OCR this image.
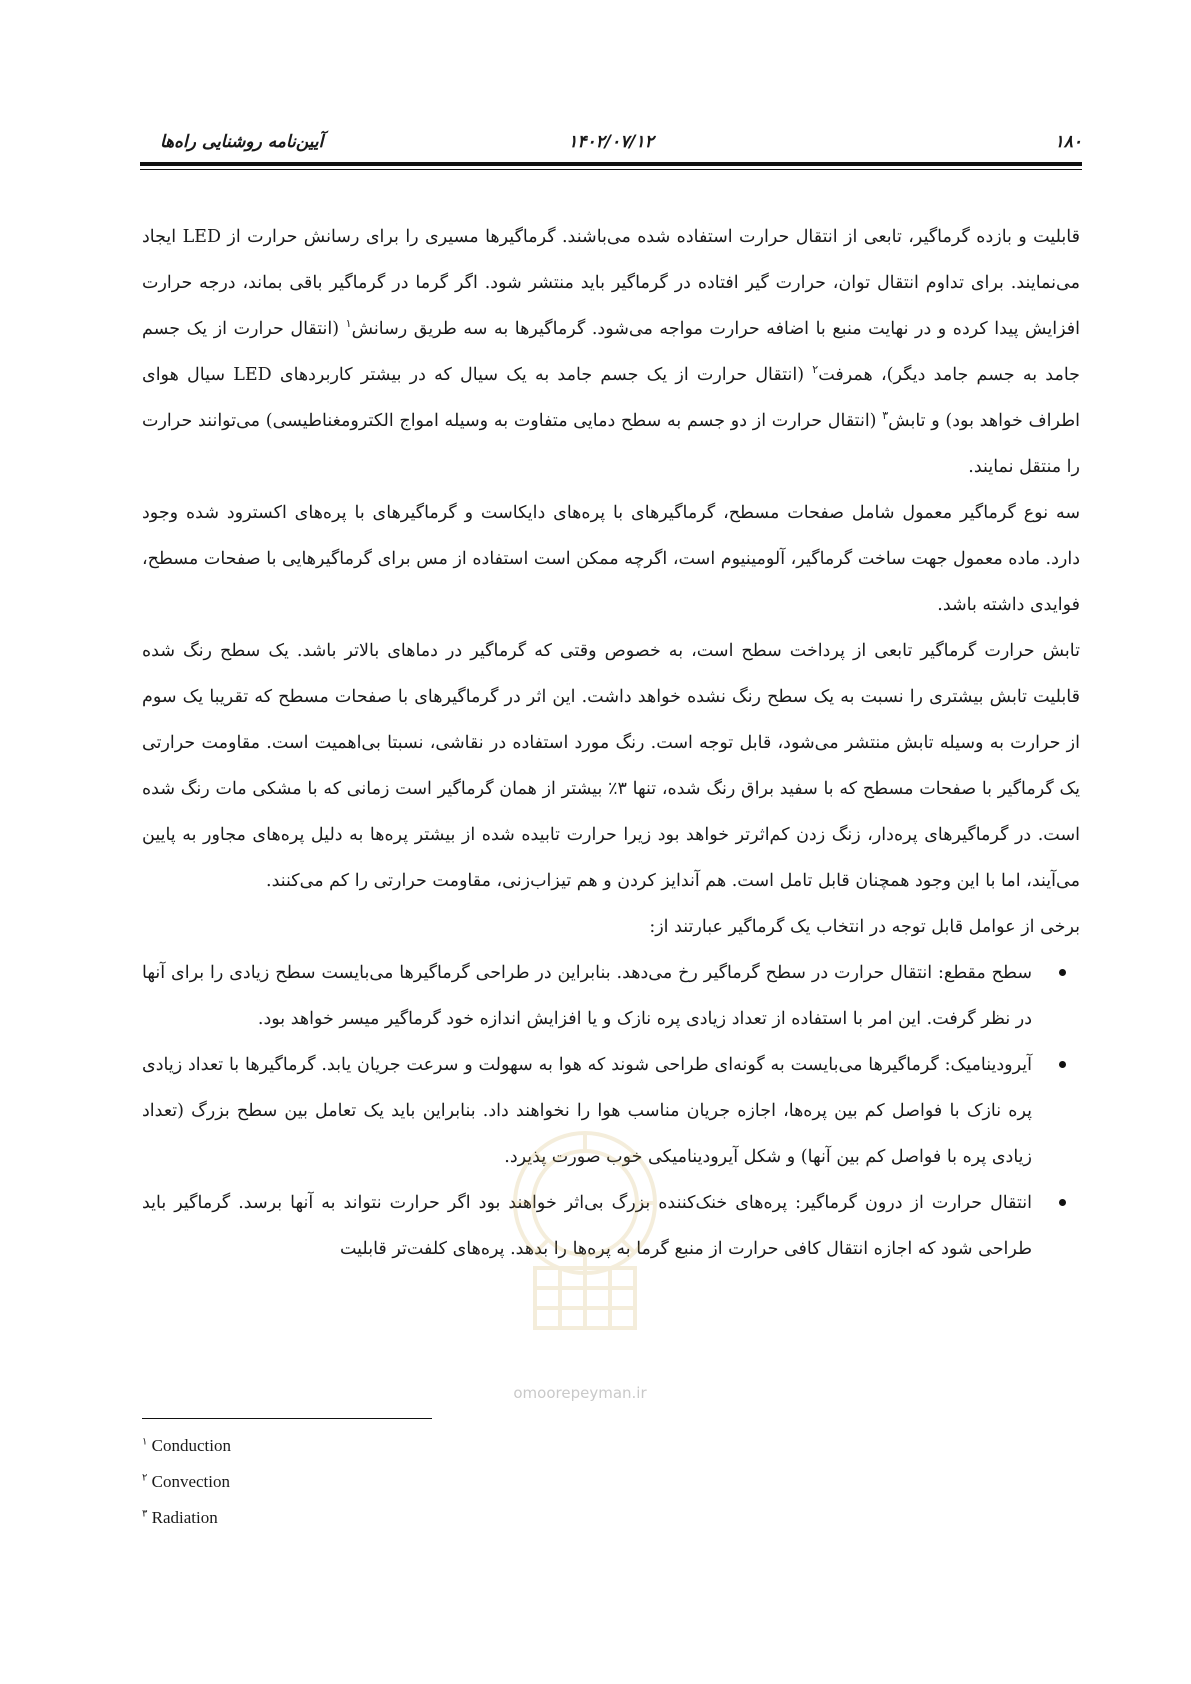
۱۸۰
۱۴۰۲/۰۷/۱۲
آیین‌نامه روشنایی راه‌ها

قابلیت و بازده گرماگیر، تابعی از انتقال حرارت استفاده شده می‌باشند. گرماگیرها مسیری را برای رسانش حرارت از LED ایجاد می‌نمایند. برای تداوم انتقال توان، حرارت گیر افتاده در گرماگیر باید منتشر شود. اگر گرما در گرماگیر باقی بماند، درجه حرارت افزایش پیدا کرده و در نهایت منبع با اضافه حرارت مواجه می‌شود. گرماگیرها به سه طریق رسانش$^۱$ (انتقال حرارت از یک جسم جامد به جسم جامد دیگر)، همرفت$^۲$ (انتقال حرارت از یک جسم جامد به یک سیال که در بیشتر کاربردهای LED سیال هوای اطراف خواهد بود) و تابش$^۳$ (انتقال حرارت از دو جسم به سطح دمایی متفاوت به وسیله امواج الکترومغناطیسی) می‌توانند حرارت را منتقل نمایند.

سه نوع گرماگیر معمول شامل صفحات مسطح، گرماگیرهای با پره‌های دایکاست و گرماگیرهای با پره‌های اکسترود شده وجود دارد. ماده معمول جهت ساخت گرماگیر، آلومینیوم است، اگرچه ممکن است استفاده از مس برای گرماگیرهایی با صفحات مسطح، فوایدی داشته باشد.

تابش حرارت گرماگیر تابعی از پرداخت سطح است، به خصوص وقتی که گرماگیر در دماهای بالاتر باشد. یک سطح رنگ شده قابلیت تابش بیشتری را نسبت به یک سطح رنگ نشده خواهد داشت. این اثر در گرماگیرهای با صفحات مسطح که تقریبا یک سوم از حرارت به وسیله تابش منتشر می‌شود، قابل توجه است. رنگ مورد استفاده در نقاشی، نسبتا بی‌اهمیت است. مقاومت حرارتی یک گرماگیر با صفحات مسطح که با سفید براق رنگ شده، تنها ۳٪ بیشتر از همان گرماگیر است زمانی که با مشکی مات رنگ شده است. در گرماگیرهای پره‌دار، زنگ زدن کم‌اثرتر خواهد بود زیرا حرارت تابیده شده از بیشتر پره‌ها به دلیل پره‌های مجاور به پایین می‌آیند، اما با این وجود همچنان قابل تامل است. هم آندایز کردن و هم تیزاب‌زنی، مقاومت حرارتی را کم می‌کنند.

برخی از عوامل قابل توجه در انتخاب یک گرماگیر عبارتند از:

سطح مقطع: انتقال حرارت در سطح گرماگیر رخ می‌دهد. بنابراین در طراحی گرماگیرها می‌بایست سطح زیادی را برای آنها در نظر گرفت. این امر با استفاده از تعداد زیادی پره نازک و یا افزایش اندازه خود گرماگیر میسر خواهد بود.
آیرودینامیک: گرماگیرها می‌بایست به گونه‌ای طراحی شوند که هوا به سهولت و سرعت جریان یابد. گرماگیرها با تعداد زیادی پره نازک با فواصل کم بین پره‌ها، اجازه جریان مناسب هوا را نخواهند داد. بنابراین باید یک تعامل بین سطح بزرگ (تعداد زیادی پره با فواصل کم بین آنها) و شکل آیرودینامیکی خوب صورت پذیرد.
انتقال حرارت از درون گرماگیر: پره‌های خنک‌کننده بزرگ بی‌اثر خواهند بود اگر حرارت نتواند به آنها برسد. گرماگیر باید طراحی شود که اجازه انتقال کافی حرارت از منبع گرما به پره‌ها را بدهد. پره‌های کلفت‌تر قابلیت
omoorepeyman.ir
$^۱$ Conduction
$^۲$ Convection
$^۳$ Radiation
